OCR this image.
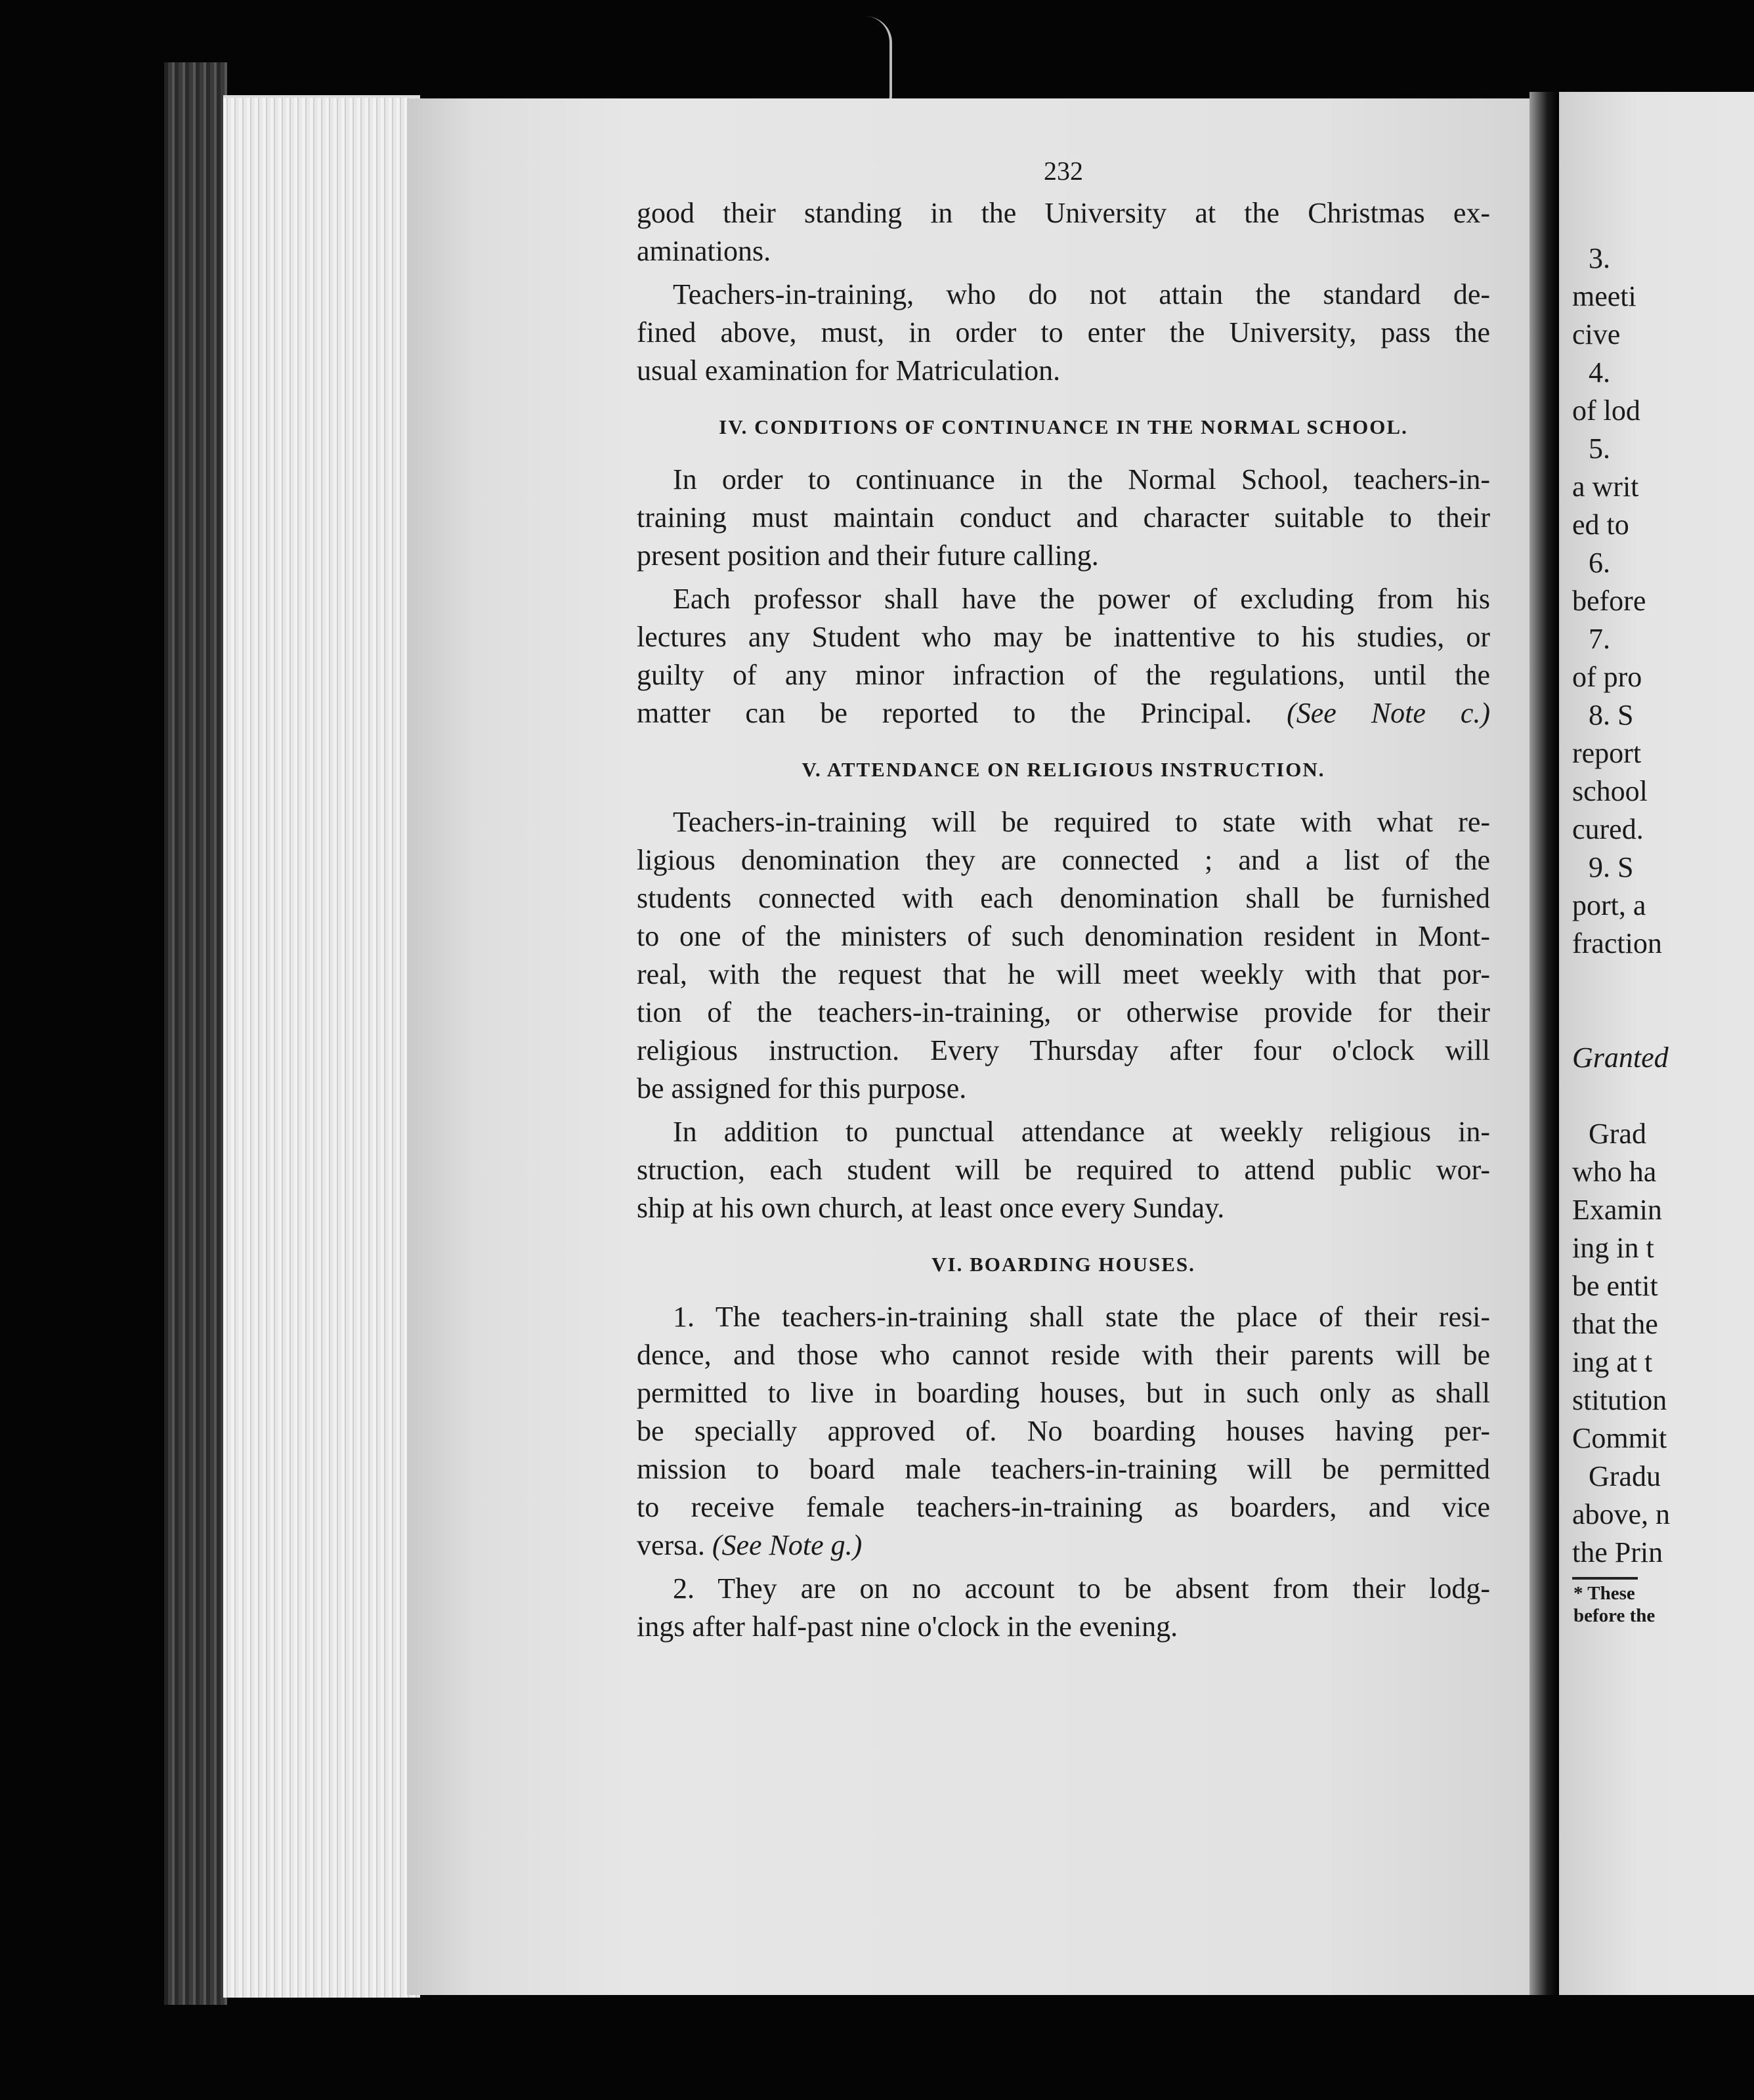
232

good their standing in the University at the Christmas ex-

aminations.

Teachers-in-training, who do not attain the standard de-

fined above, must, in order to enter the University, pass the

usual examination for Matriculation.

IV. CONDITIONS OF CONTINUANCE IN THE NORMAL SCHOOL.

In order to continuance in the Normal School, teachers-in-

training must maintain conduct and character suitable to their

present position and their future calling.

Each professor shall have the power of excluding from his

lectures any Student who may be inattentive to his studies, or

guilty of any minor infraction of the regulations, until the

matter can be reported to the Principal. (See Note c.)

V. ATTENDANCE ON RELIGIOUS INSTRUCTION.

Teachers-in-training will be required to state with what re-

ligious denomination they are connected ; and a list of the

students connected with each denomination shall be furnished

to one of the ministers of such denomination resident in Mont-

real, with the request that he will meet weekly with that por-

tion of the teachers-in-training, or otherwise provide for their

religious instruction. Every Thursday after four o'clock will

be assigned for this purpose.

In addition to punctual attendance at weekly religious in-

struction, each student will be required to attend public wor-

ship at his own church, at least once every Sunday.

VI. BOARDING HOUSES.

1. The teachers-in-training shall state the place of their resi-

dence, and those who cannot reside with their parents will be

permitted to live in boarding houses, but in such only as shall

be specially approved of. No boarding houses having per-

mission to board male teachers-in-training will be permitted

to receive female teachers-in-training as boarders, and vice

versa. (See Note g.)

2. They are on no account to be absent from their lodg-

ings after half-past nine o'clock in the evening.

3.
meeti
cive
4.
of lod
5.
a writ
ed to
6.
before
7.
of pro
8. S
report
school
cured.
9. S
port, a
fraction
Granted
Grad
who ha
Examin
ing in t
be entit
that the
ing at t
stitution
Commit
Gradu
above, n
the Prin
* These
before the
